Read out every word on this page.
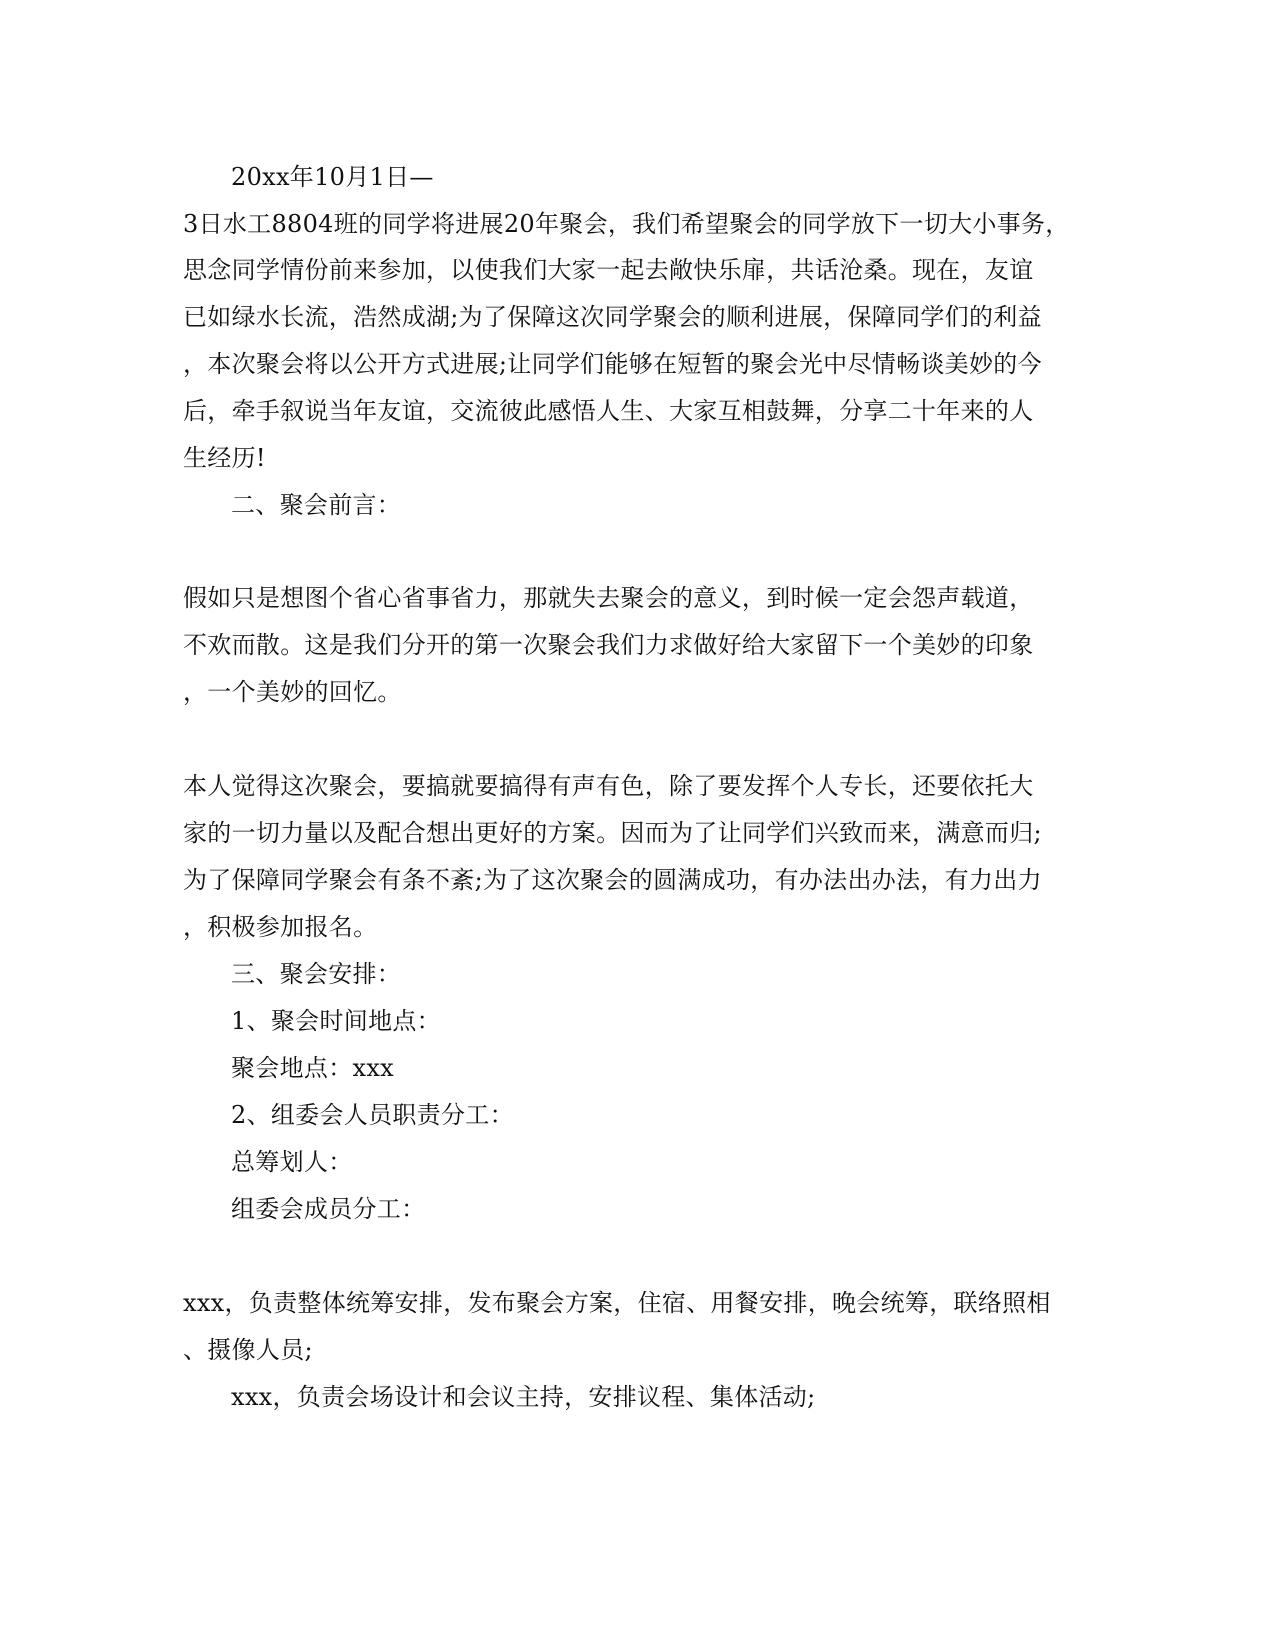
20xx年10月1日—
3日水工8804班的同学将进展20年聚会，我们希望聚会的同学放下一切大小事务，
思念同学情份前来参加，以使我们大家一起去敞快乐扉，共话沧桑。现在，友谊
已如绿水长流，浩然成湖;为了保障这次同学聚会的顺利进展，保障同学们的利益
，本次聚会将以公开方式进展;让同学们能够在短暂的聚会光中尽情畅谈美妙的今
后，牵手叙说当年友谊，交流彼此感悟人生、大家互相鼓舞，分享二十年来的人
生经历!
二、聚会前言：
假如只是想图个省心省事省力，那就失去聚会的意义，到时候一定会怨声载道，
不欢而散。这是我们分开的第一次聚会我们力求做好给大家留下一个美妙的印象
，一个美妙的回忆。
本人觉得这次聚会，要搞就要搞得有声有色，除了要发挥个人专长，还要依托大
家的一切力量以及配合想出更好的方案。因而为了让同学们兴致而来，满意而归;
为了保障同学聚会有条不紊;为了这次聚会的圆满成功，有办法出办法，有力出力
，积极参加报名。
三、聚会安排：
1、聚会时间地点：
聚会地点：xxx
2、组委会人员职责分工：
总筹划人：
组委会成员分工：
xxx，负责整体统筹安排，发布聚会方案，住宿、用餐安排，晚会统筹，联络照相
、摄像人员;
xxx，负责会场设计和会议主持，安排议程、集体活动;
